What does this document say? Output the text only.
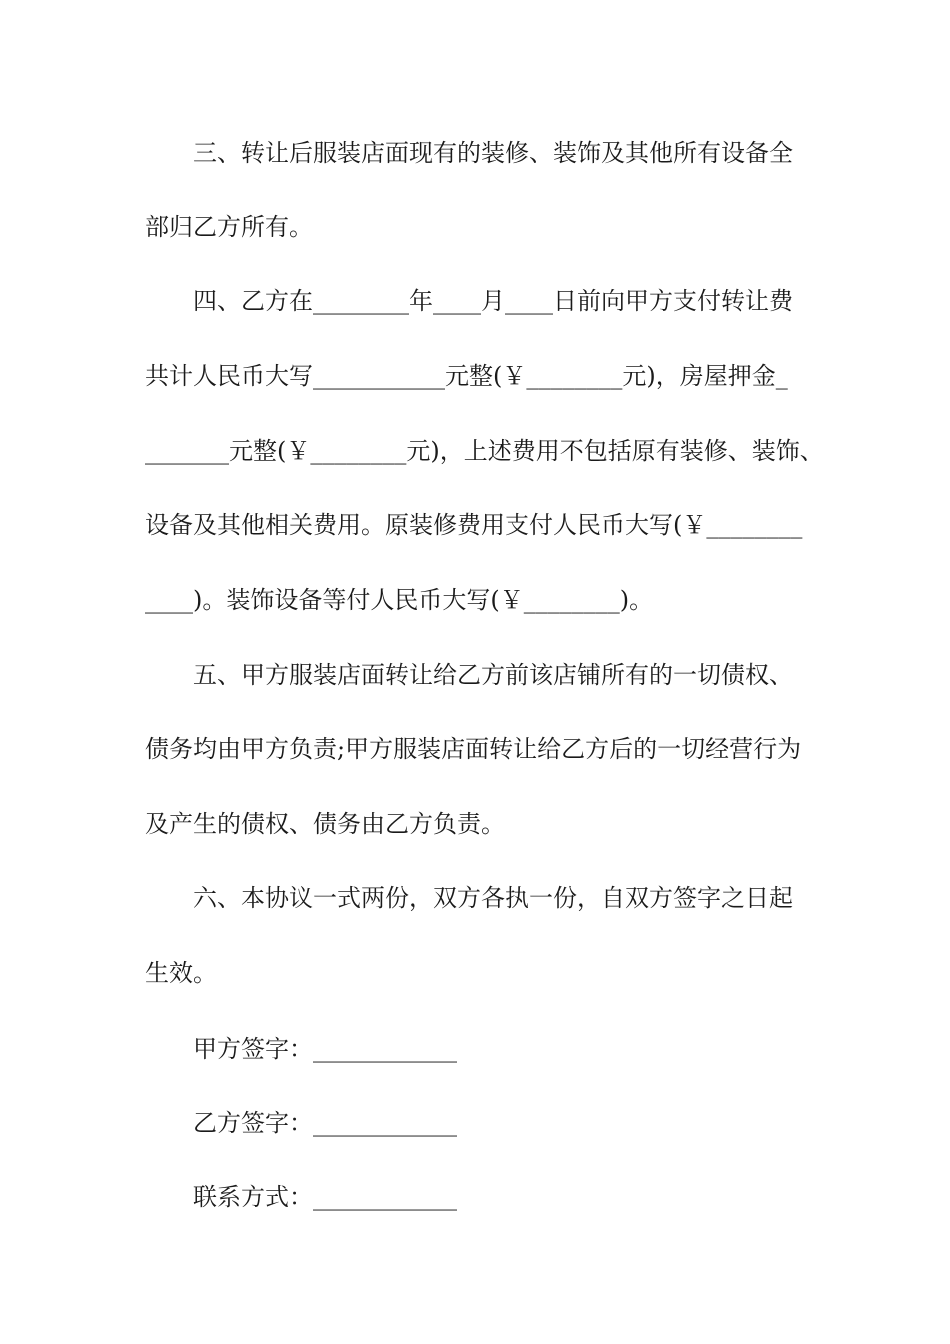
三、转让后服装店面现有的装修、装饰及其他所有设备全
部归乙方所有。
四、乙方在________年____月____日前向甲方支付转让费
共计人民币大写___________元整(￥________元)，房屋押金_
_______元整(￥________元)，上述费用不包括原有装修、装饰、
设备及其他相关费用。原装修费用支付人民币大写(￥________
____)。装饰设备等付人民币大写(￥________)。
五、甲方服装店面转让给乙方前该店铺所有的一切债权、
债务均由甲方负责;甲方服装店面转让给乙方后的一切经营行为
及产生的债权、债务由乙方负责。
六、本协议一式两份，双方各执一份，自双方签字之日起
生效。
甲方签字：____________
乙方签字：____________
联系方式：____________
